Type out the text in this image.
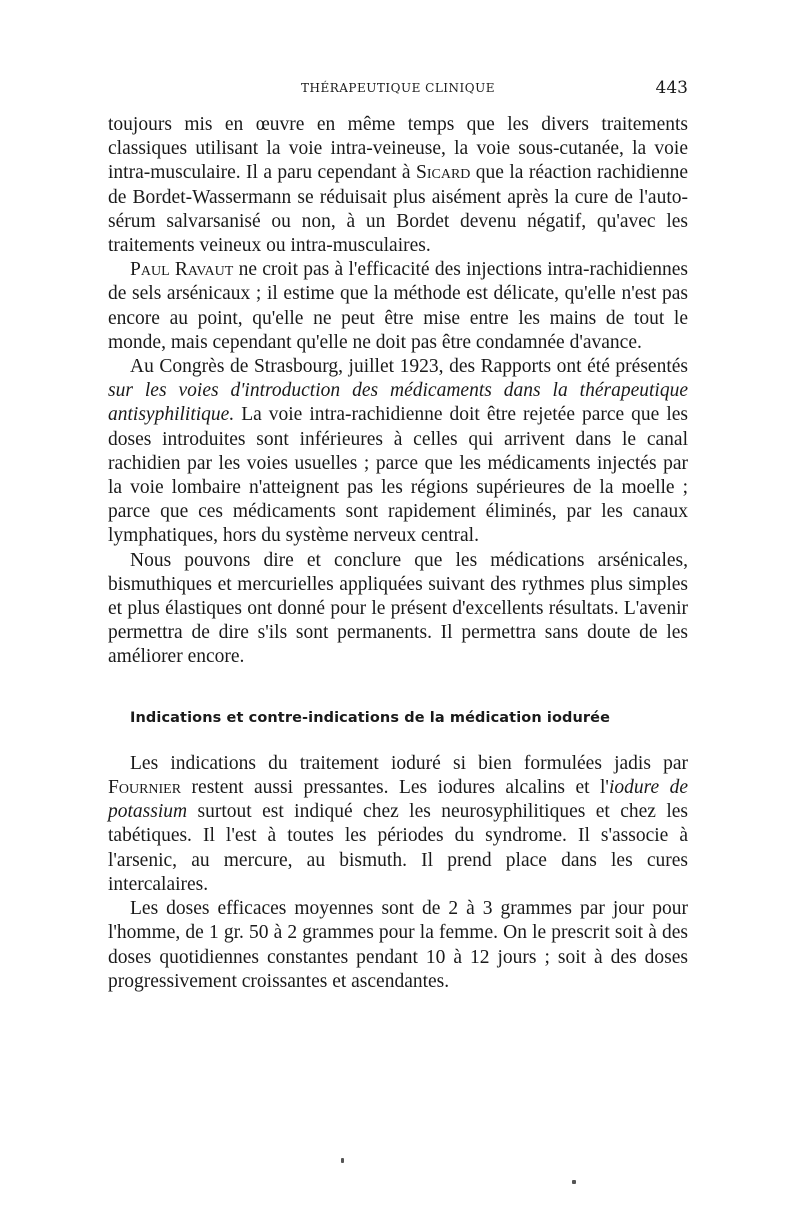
THÉRAPEUTIQUE CLINIQUE	443

toujours mis en œuvre en même temps que les divers traitements classiques utilisant la voie intra-veineuse, la voie sous-cutanée, la voie intra-musculaire. Il a paru cependant à Sicard que la réaction rachidienne de Bordet-Wassermann se réduisait plus aisément après la cure de l'auto-sérum salvarsanisé ou non, à un Bordet devenu négatif, qu'avec les traitements veineux ou intra-musculaires.

Paul Ravaut ne croit pas à l'efficacité des injections intra-rachidiennes de sels arsénicaux ; il estime que la méthode est délicate, qu'elle n'est pas encore au point, qu'elle ne peut être mise entre les mains de tout le monde, mais cependant qu'elle ne doit pas être condamnée d'avance.

Au Congrès de Strasbourg, juillet 1923, des Rapports ont été présentés sur les voies d'introduction des médicaments dans la thérapeutique antisyphilitique. La voie intra-rachidienne doit être rejetée parce que les doses introduites sont inférieures à celles qui arrivent dans le canal rachidien par les voies usuelles ; parce que les médicaments injectés par la voie lombaire n'atteignent pas les régions supérieures de la moelle ; parce que ces médicaments sont rapidement éliminés, par les canaux lymphatiques, hors du système nerveux central.

Nous pouvons dire et conclure que les médications arsénicales, bismuthiques et mercurielles appliquées suivant des rythmes plus simples et plus élastiques ont donné pour le présent d'excellents résultats. L'avenir permettra de dire s'ils sont permanents. Il permettra sans doute de les améliorer encore.

Indications et contre-indications de la médication iodurée

Les indications du traitement ioduré si bien formulées jadis par Fournier restent aussi pressantes. Les iodures alcalins et l'iodure de potassium surtout est indiqué chez les neurosyphilitiques et chez les tabétiques. Il l'est à toutes les périodes du syndrome. Il s'associe à l'arsenic, au mercure, au bismuth. Il prend place dans les cures intercalaires.

Les doses efficaces moyennes sont de 2 à 3 grammes par jour pour l'homme, de 1 gr. 50 à 2 grammes pour la femme. On le prescrit soit à des doses quotidiennes constantes pendant 10 à 12 jours ; soit à des doses progressivement croissantes et ascendantes.
